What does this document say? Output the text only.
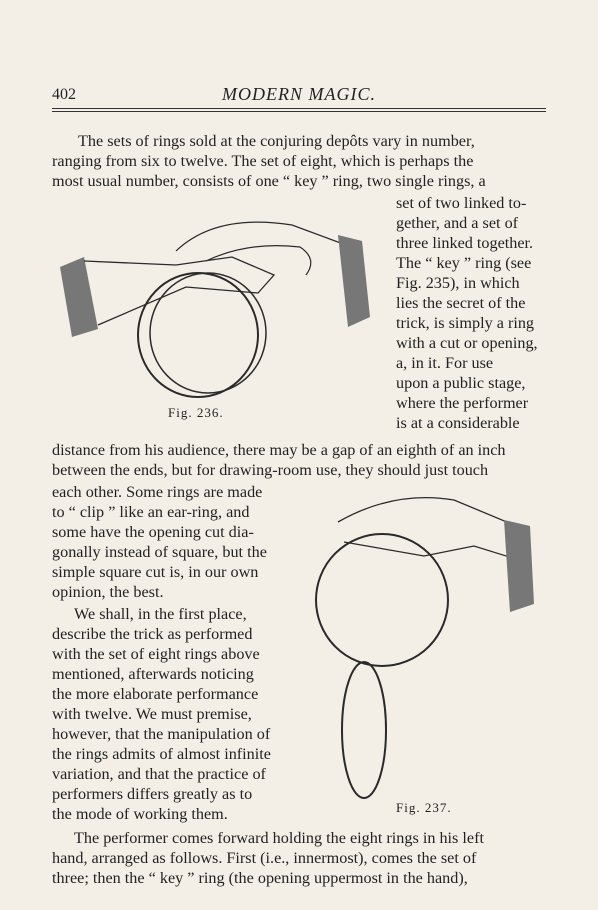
402	MODERN MAGIC.
The sets of rings sold at the conjuring depôts vary in number,
ranging from six to twelve. The set of eight, which is perhaps the
most usual number, consists of one “ key ” ring, two single rings, a
set of two linked to-
gether, and a set of
three linked together.
The “ key ” ring (see
Fig. 235), in which
lies the secret of the
trick, is simply a ring
with a cut or opening,
a, in it. For use
upon a public stage,
where the performer
is at a considerable
Fig. 236.
distance from his audience, there may be a gap of an eighth of an inch
between the ends, but for drawing-room use, they should just touch
each other. Some rings are made
to “ clip ” like an ear-ring, and
some have the opening cut dia-
gonally instead of square, but the
simple square cut is, in our own
opinion, the best.
We shall, in the first place,
describe the trick as performed
with the set of eight rings above
mentioned, afterwards noticing
the more elaborate performance
with twelve. We must premise,
however, that the manipulation of
the rings admits of almost infinite
variation, and that the practice of
performers differs greatly as to
the mode of working them.	Fig. 237.
The performer comes forward holding the eight rings in his left
hand, arranged as follows. First (i.e., innermost), comes the set of
three; then the “ key ” ring (the opening uppermost in the hand),
